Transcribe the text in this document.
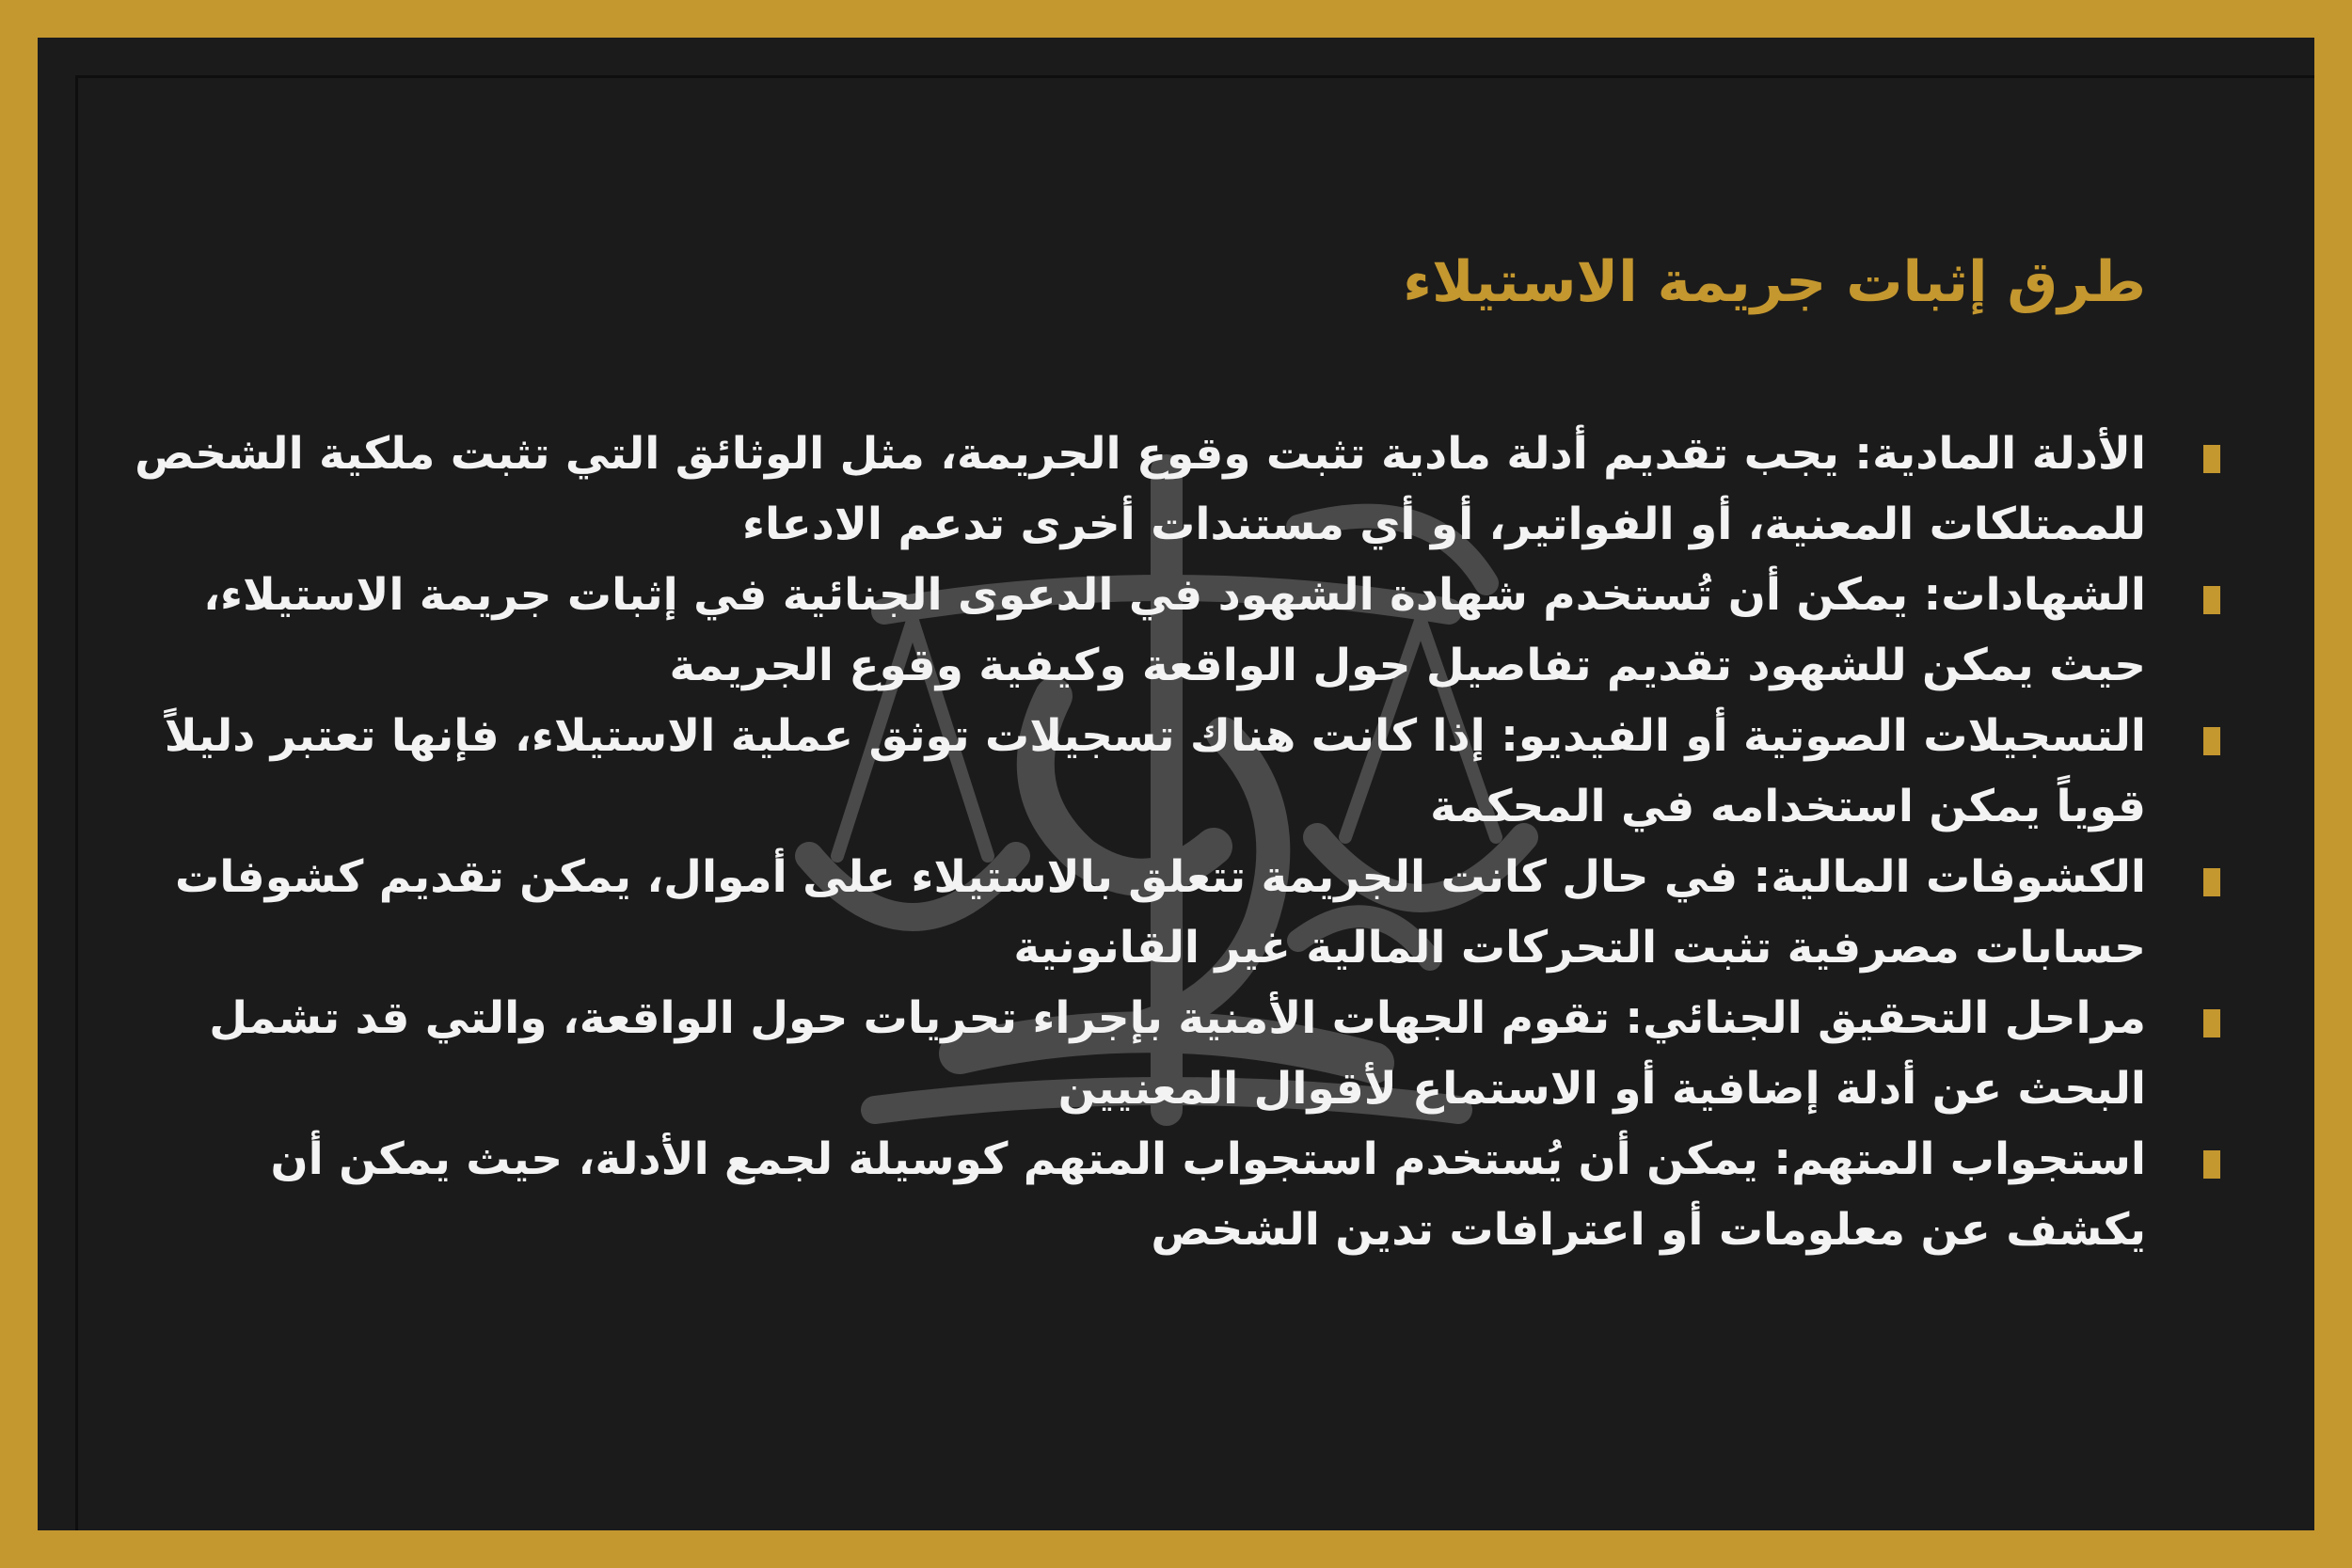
طرق إثبات جريمة الاستيلاء
الأدلة المادية: يجب تقديم أدلة مادية تثبت وقوع الجريمة، مثل الوثائق التي تثبت ملكية الشخص للممتلكات المعنية، أو الفواتير، أو أي مستندات أخرى تدعم الادعاء
الشهادات: يمكن أن تُستخدم شهادة الشهود في الدعوى الجنائية في إثبات جريمة الاستيلاء، حيث يمكن للشهود تقديم تفاصيل حول الواقعة وكيفية وقوع الجريمة
التسجيلات الصوتية أو الفيديو: إذا كانت هناك تسجيلات توثق عملية الاستيلاء، فإنها تعتبر دليلاً قوياً يمكن استخدامه في المحكمة
الكشوفات المالية: في حال كانت الجريمة تتعلق بالاستيلاء على أموال، يمكن تقديم كشوفات حسابات مصرفية تثبت التحركات المالية غير القانونية
مراحل التحقيق الجنائي: تقوم الجهات الأمنية بإجراء تحريات حول الواقعة، والتي قد تشمل البحث عن أدلة إضافية أو الاستماع لأقوال المعنيين
استجواب المتهم: يمكن أن يُستخدم استجواب المتهم كوسيلة لجمع الأدلة، حيث يمكن أن يكشف عن معلومات أو اعترافات تدين الشخص
